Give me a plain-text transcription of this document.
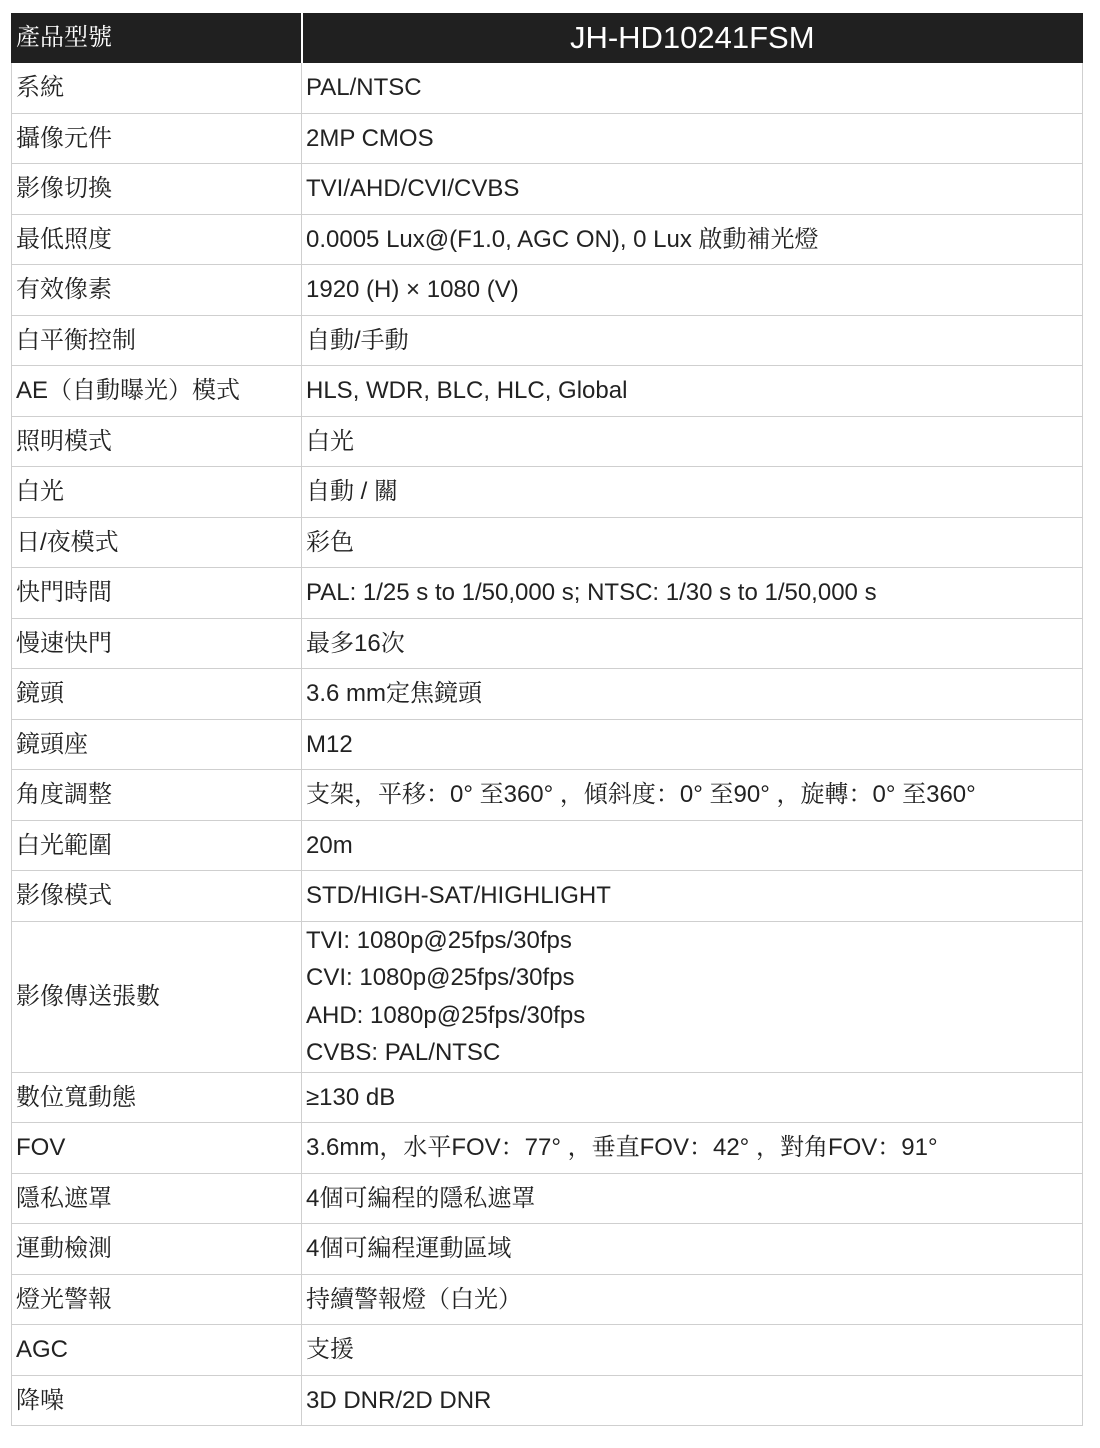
產品型號	JH-HD10241FSM
系統	PAL/NTSC

攝像元件	2MP CMOS

影像切換	TVI/AHD/CVI/CVBS

最低照度	0.0005 Lux@(F1.0, AGC ON), 0 Lux 啟動補光燈

有效像素	1920 (H) × 1080 (V)

白平衡控制	自動/手動

AE（自動曝光）模式	HLS, WDR, BLC, HLC, Global

照明模式	白光

白光	自動 / 關

日/夜模式	彩色

快門時間	PAL: 1/25 s to 1/50,000 s; NTSC: 1/30 s to 1/50,000 s

慢速快門	最多16次

鏡頭	3.6 mm定焦鏡頭

鏡頭座	M12

角度調整	支架，平移：0° 至360° ，傾斜度：0° 至90° ，旋轉：0° 至360°

白光範圍	20m

影像模式	STD/HIGH-SAT/HIGHLIGHT

影像傳送張數	TVI: 1080p@25fps/30fps
CVI: 1080p@25fps/30fps
AHD: 1080p@25fps/30fps
CVBS: PAL/NTSC

數位寬動態	≥130 dB

FOV	3.6mm，水平FOV：77° ，垂直FOV：42° ，對角FOV：91°

隱私遮罩	4個可編程的隱私遮罩

運動檢測	4個可編程運動區域

燈光警報	持續警報燈（白光）

AGC	支援

降噪	3D DNR/2D DNR
